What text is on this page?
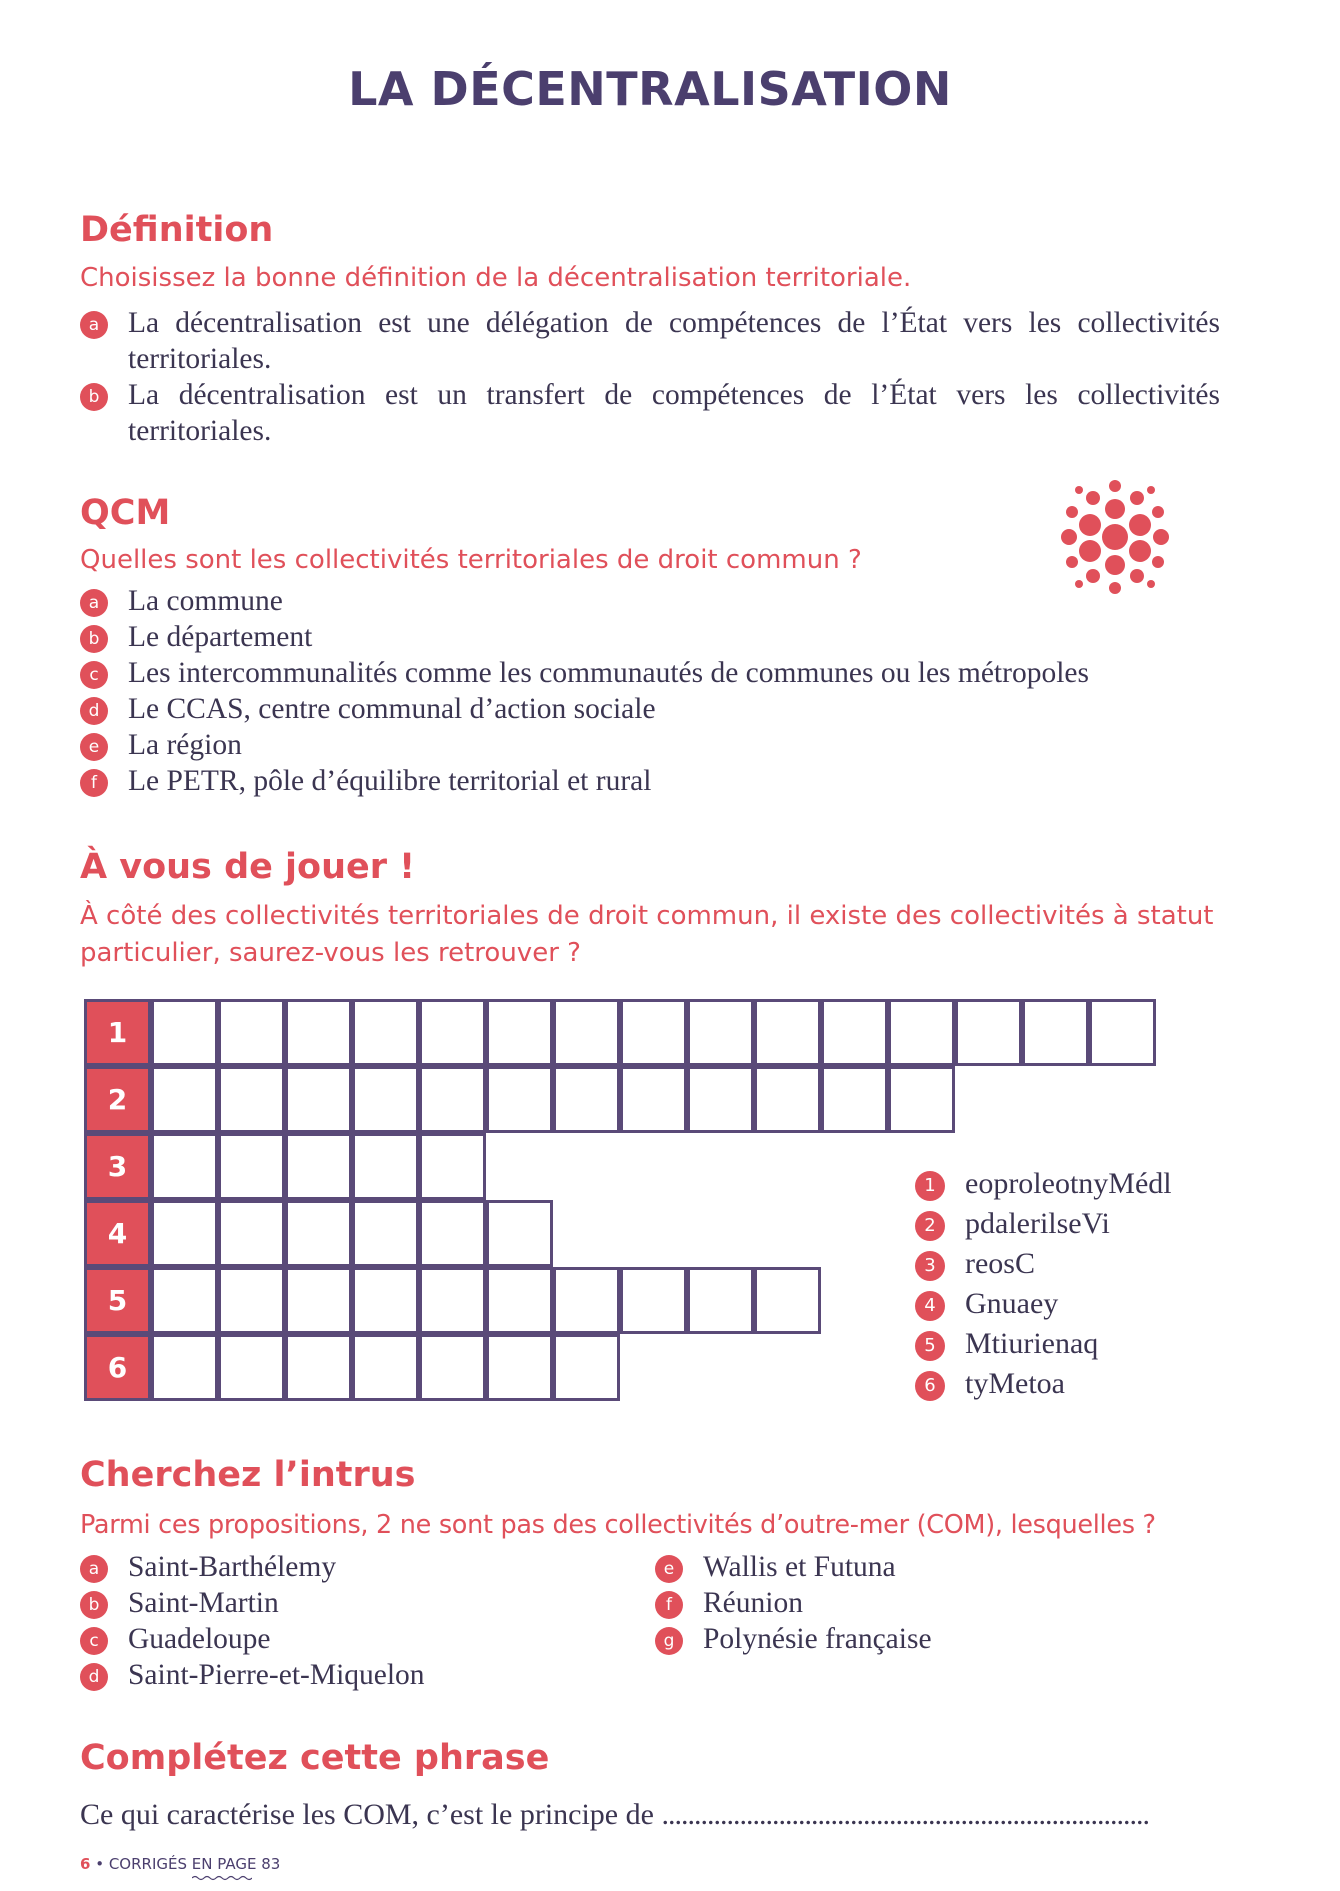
LA DÉCENTRALISATION
Définition
Choisissez la bonne définition de la décentralisation territoriale.
a La décentralisation est une délégation de compétences de l’État vers les collectivités territoriales.
b La décentralisation est un transfert de compétences de l’État vers les collectivités territoriales.
QCM
Quelles sont les collectivités territoriales de droit commun ?
a La commune
b Le département
c Les intercommunalités comme les communautés de communes ou les métropoles
d Le CCAS, centre communal d’action sociale
e La région
f	Le PETR, pôle d’équilibre territorial et rural
À vous de jouer !
À côté des collectivités territoriales de droit commun, il existe des collectivités à statut particulier, saurez-vous les retrouver ?
1
2
3
4
5
6
1 eoproleotnyMédl
2 pdalerilseVi
3 reosC
4 Gnuaey
5 Mtiurienaq
6 tyMetoa
Cherchez l’intrus
Parmi ces propositions, 2 ne sont pas des collectivités d’outre-mer (COM), lesquelles ?
a Saint-Barthélemy
b Saint-Martin
c Guadeloupe
d Saint-Pierre-et-Miquelon
e Wallis et Futuna
f	Réunion
g Polynésie française
Complétez cette phrase
Ce qui caractérise les COM, c’est le principe de ...........................................................................
6 • CORRIGÉS EN PAGE 83
